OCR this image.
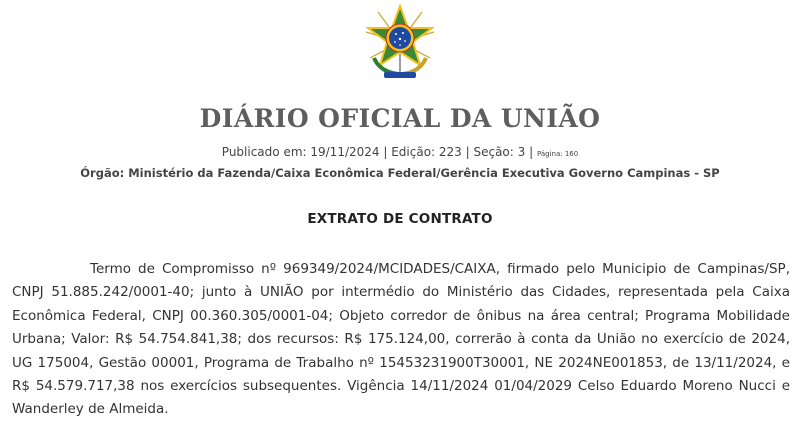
DIÁRIO OFICIAL DA UNIÃO
Publicado em: 19/11/2024 | Edição: 223 | Seção: 3 | Página: 160
Órgão: Ministério da Fazenda/Caixa Econômica Federal/Gerência Executiva Governo Campinas - SP
EXTRATO DE CONTRATO

Termo de Compromisso nº 969349/2024/MCIDADES/CAIXA, firmado pelo Municipio de Campinas/SP, CNPJ 51.885.242/0001-40; junto à UNIÃO por intermédio do Ministério das Cidades, representada pela Caixa Econômica Federal, CNPJ 00.360.305/0001-04; Objeto corredor de ônibus na área central; Programa Mobilidade Urbana; Valor: R$ 54.754.841,38; dos recursos: R$ 175.124,00, correrão à conta da União no exercício de 2024, UG 175004, Gestão 00001, Programa de Trabalho nº 15453231900T30001, NE 2024NE001853, de 13/11/2024, e R$ 54.579.717,38 nos exercícios subsequentes. Vigência 14/11/2024 01/04/2029 Celso Eduardo Moreno Nucci e Wanderley de Almeida.
